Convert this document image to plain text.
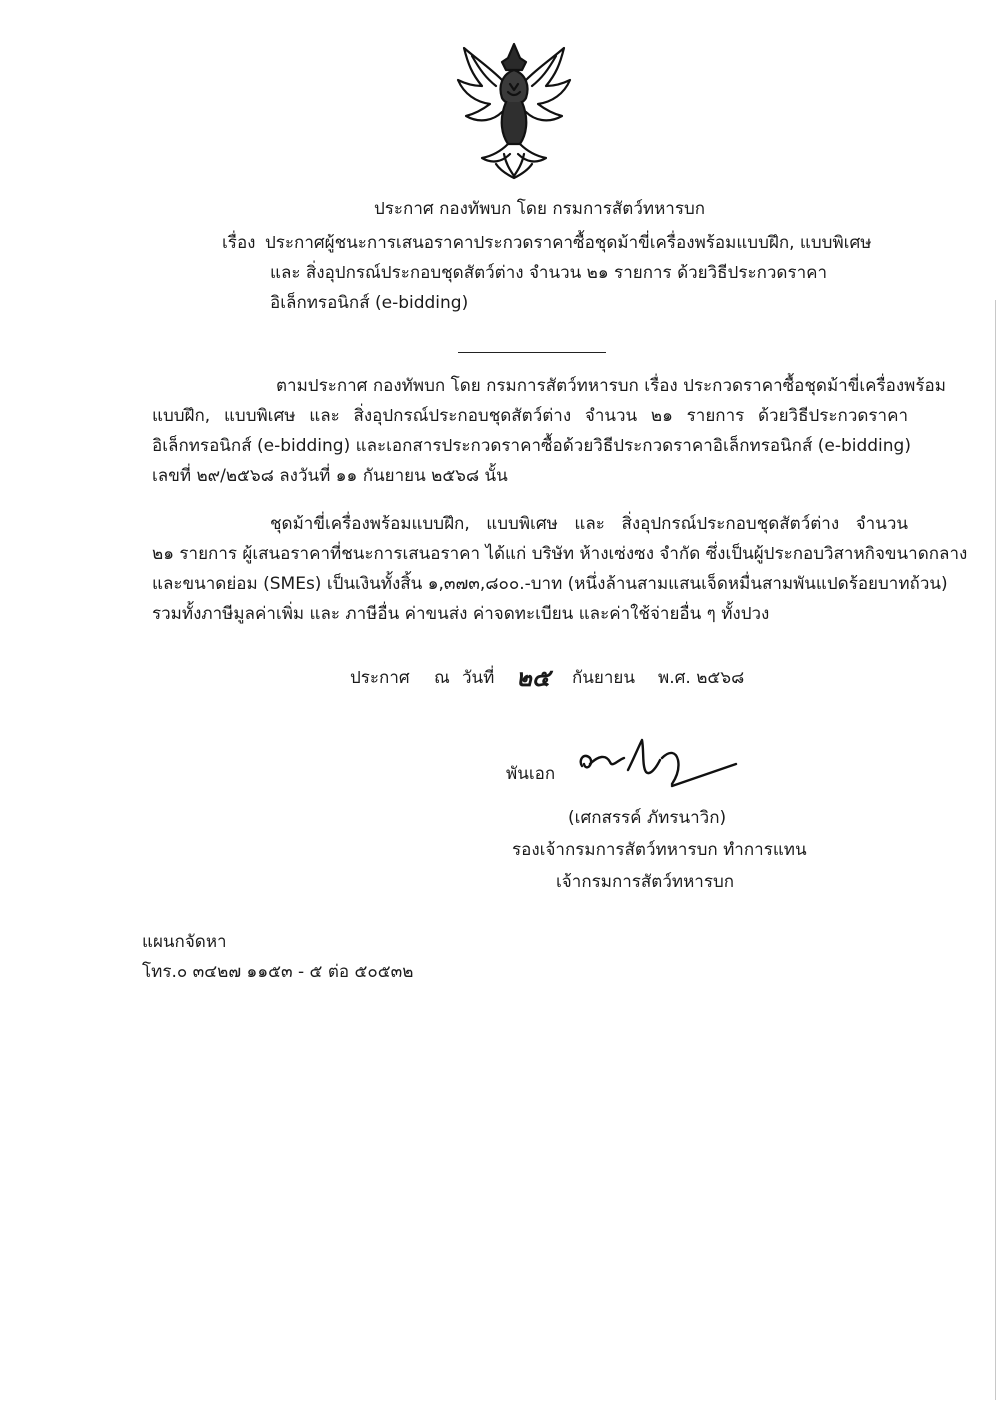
ประกาศ กองทัพบก โดย กรมการสัตว์ทหารบก
เรื่อง ประกาศผู้ชนะการเสนอราคาประกวดราคาซื้อชุดม้าขี่เครื่องพร้อมแบบฝึก, แบบพิเศษ
และ สิ่งอุปกรณ์ประกอบชุดสัตว์ต่าง จำนวน ๒๑ รายการ ด้วยวิธีประกวดราคา
อิเล็กทรอนิกส์ (e-bidding)
ตามประกาศ กองทัพบก โดย กรมการสัตว์ทหารบก เรื่อง ประกวดราคาซื้อชุดม้าขี่เครื่องพร้อม
แบบฝึก, แบบพิเศษ และ สิ่งอุปกรณ์ประกอบชุดสัตว์ต่าง จำนวน ๒๑ รายการ ด้วยวิธีประกวดราคา
อิเล็กทรอนิกส์ (e-bidding) และเอกสารประกวดราคาซื้อด้วยวิธีประกวดราคาอิเล็กทรอนิกส์ (e-bidding)
เลขที่ ๒๙/๒๕๖๘ ลงวันที่ ๑๑ กันยายน ๒๕๖๘ นั้น
ชุดม้าขี่เครื่องพร้อมแบบฝึก, แบบพิเศษ และ สิ่งอุปกรณ์ประกอบชุดสัตว์ต่าง จำนวน
๒๑ รายการ ผู้เสนอราคาที่ชนะการเสนอราคา ได้แก่ บริษัท ห้างเซ่งซง จำกัด ซึ่งเป็นผู้ประกอบวิสาหกิจขนาดกลาง
และขนาดย่อม (SMEs) เป็นเงินทั้งสิ้น ๑,๓๗๓,๘๐๐.-บาท (หนึ่งล้านสามแสนเจ็ดหมื่นสามพันแปดร้อยบาทถ้วน)
รวมทั้งภาษีมูลค่าเพิ่ม และ ภาษีอื่น ค่าขนส่ง ค่าจดทะเบียน และค่าใช้จ่ายอื่น ๆ ทั้งปวง
ประกาศ ณ วันที่ ๒๕ กันยายน พ.ศ. ๒๕๖๘
พันเอก
(เศกสรรค์ ภัทรนาวิก)
รองเจ้ากรมการสัตว์ทหารบก ทำการแทน
เจ้ากรมการสัตว์ทหารบก
แผนกจัดหา
โทร.๐ ๓๔๒๗ ๑๑๕๓ - ๕ ต่อ ๕๐๕๓๒
